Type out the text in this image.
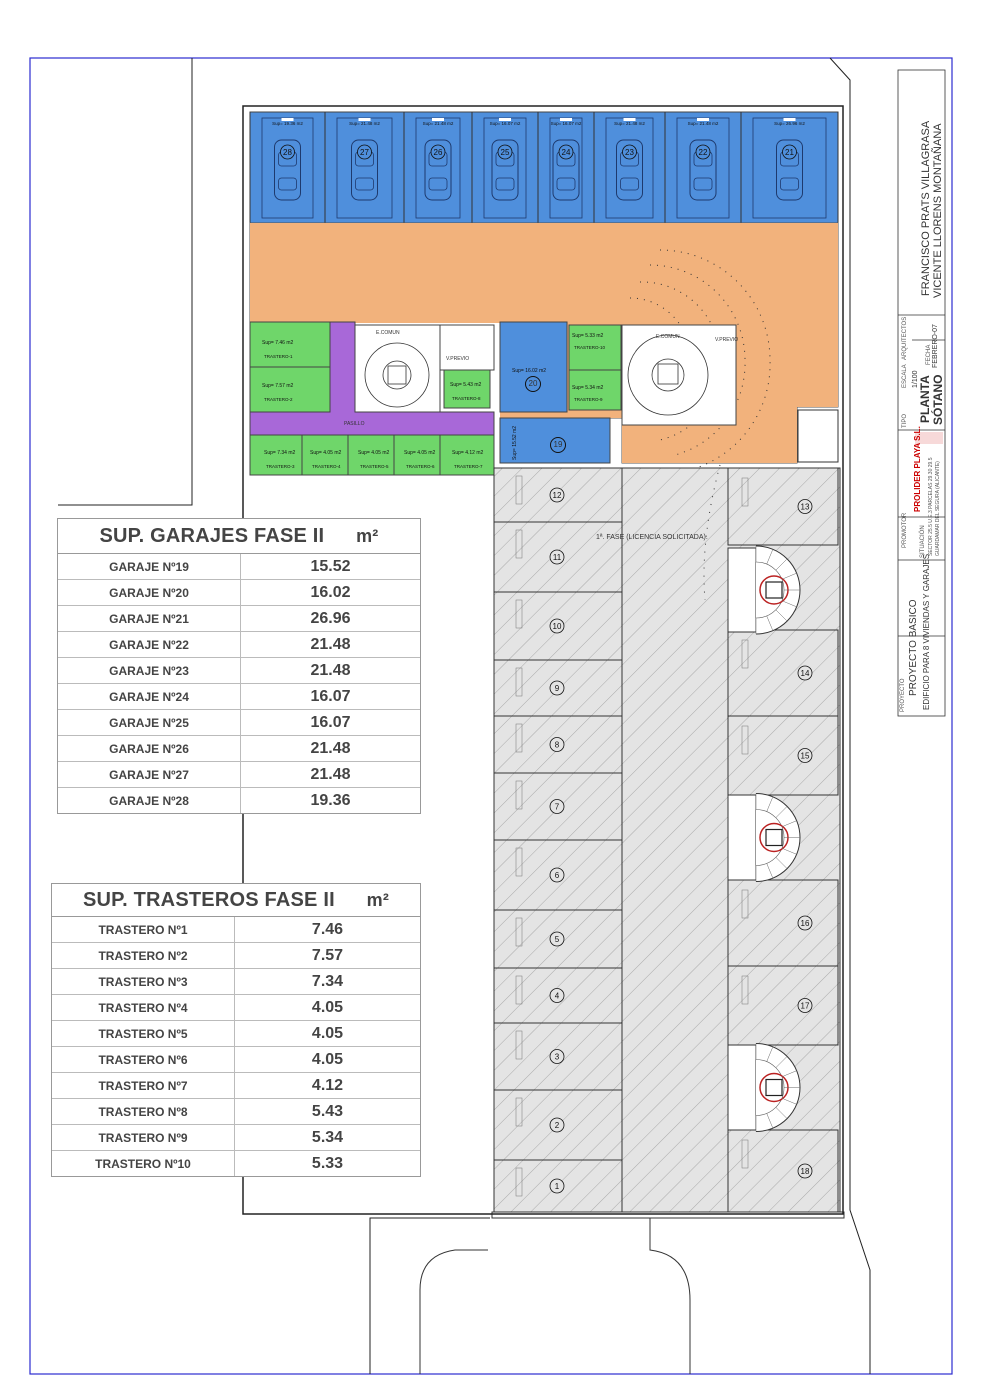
28
Sup= 19.36 m2
27
Sup= 21.48 m2
26
Sup= 21.48 m2
25
Sup= 16.07 m2
24
Sup= 16.07 m2
23
Sup= 21.48 m2
22
Sup= 21.48 m2
21
Sup= 26.96 m2
12
11
10
9
8
7
6
5
4
3
2
1
13
14
15
16
17
18
FRANCISCO PRATS VILLAGRASA VICENTE LLORENS MONTAÑANA
ARQUITECTOS
PLANTA SÓTANO
TIPO
ESCALA 1/100
FECHA FEBRERO-07
PROLIDER PLAYA S.L.
PROMOTOR SITUACIÓN SECTOR 25.5 U.E.3 PARCELAS 29.30 29.5 GUARDAMAR DEL SEGURA (ALICANTE)
PROYECTO BASICO EDIFICIO PARA 8 VIVIENDAS Y GARAJES
PROYECTO
1ª. FASE (LICENCIA SOLICITADA).
PASILLO
E.COMUN
E.COMUN
V.PREVIO
V.PREVIO
Sup= 16.02 m2
20
19
Sup= 15.52 m2
Sup= 7.46 m2
TRASTERO-1
Sup= 7.57 m2
TRASTERO-2
Sup= 7.34 m2
TRASTERO-3
Sup= 4.05 m2
TRASTERO-4
Sup= 4.05 m2
TRASTERO-5
Sup= 4.05 m2
TRASTERO-6
Sup= 4.12 m2
TRASTERO-7
Sup= 5.43 m2
TRASTERO-8
Sup= 5.33 m2
TRASTERO-10
Sup= 5.34 m2
TRASTERO-9
SUP. GARAJES FASE II m²
GARAJE Nº19	15.52
GARAJE Nº20	16.02
GARAJE Nº21	26.96
GARAJE Nº22	21.48
GARAJE Nº23	21.48
GARAJE Nº24	16.07
GARAJE Nº25	16.07
GARAJE Nº26	21.48
GARAJE Nº27	21.48
GARAJE Nº28	19.36
SUP. TRASTEROS FASE II m²
TRASTERO Nº1	7.46
TRASTERO Nº2	7.57
TRASTERO Nº3	7.34
TRASTERO Nº4	4.05
TRASTERO Nº5	4.05
TRASTERO Nº6	4.05
TRASTERO Nº7	4.12
TRASTERO Nº8	5.43
TRASTERO Nº9	5.34
TRASTERO Nº10	5.33
